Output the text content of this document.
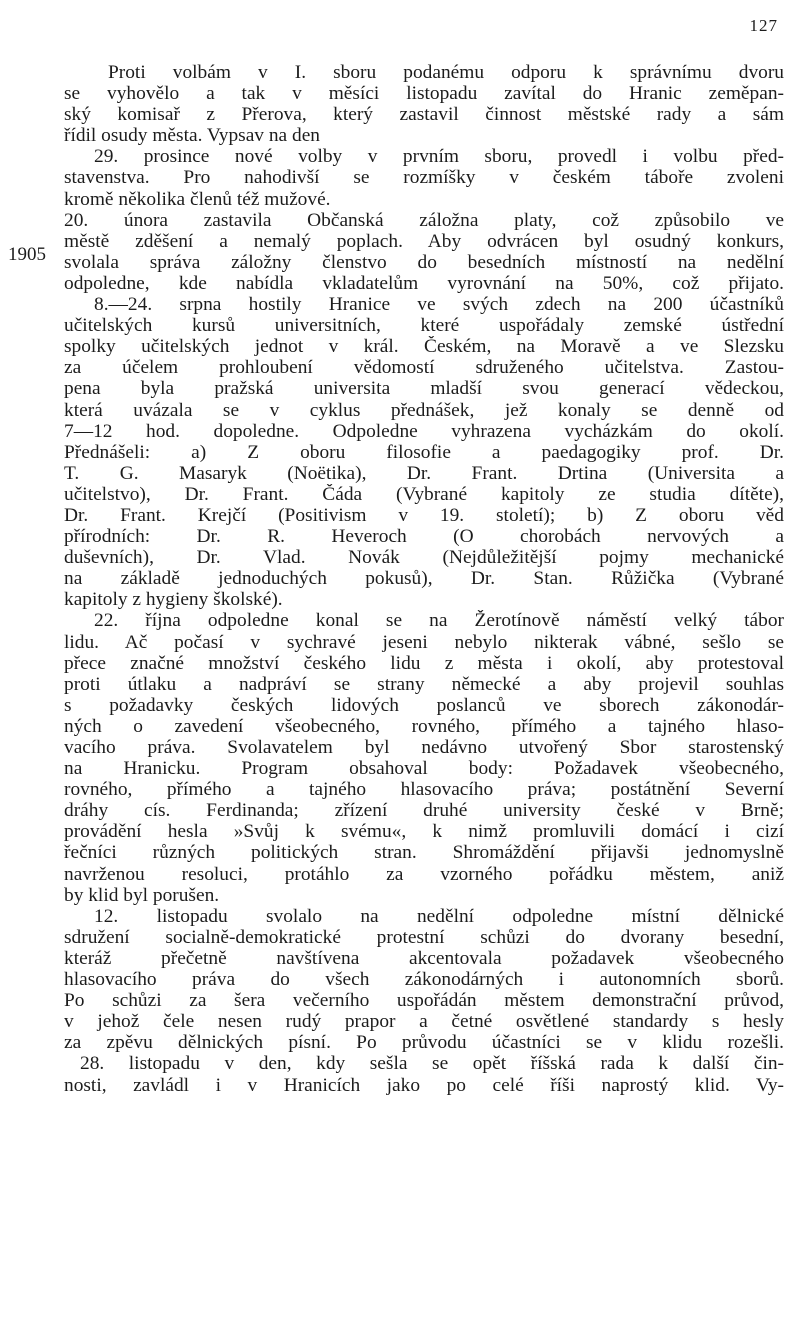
127
1905
Proti volbám v I. sboru podanému odporu k správnímu dvoru
se vyhovělo a tak v měsíci listopadu zavítal do Hranic zeměpan-
ský komisař z Přerova, který zastavil činnost městské rady a sám
řídil osudy města. Vypsav na den
29. prosince nové volby v prvním sboru, provedl i volbu před-
stavenstva. Pro nahodivší se rozmíšky v českém táboře zvoleni
kromě několika členů též mužové.
20. února zastavila Občanská záložna platy, což způsobilo ve
městě zděšení a nemalý poplach. Aby odvrácen byl osudný konkurs,
svolala správa záložny členstvo do besedních místností na nedělní
odpoledne, kde nabídla vkladatelům vyrovnání na 50%, což přijato.
8.—24. srpna hostily Hranice ve svých zdech na 200 účastníků
učitelských kursů universitních, které uspořádaly zemské ústřední
spolky učitelských jednot v král. Českém, na Moravě a ve Slezsku
za účelem prohloubení vědomostí sdruženého učitelstva. Zastou-
pena byla pražská universita mladší svou generací vědeckou,
která uvázala se v cyklus přednášek, jež konaly se denně od
7—12 hod. dopoledne. Odpoledne vyhrazena vycházkám do okolí.
Přednášeli: a) Z oboru filosofie a paedagogiky prof. Dr.
T. G. Masaryk (Noëtika), Dr. Frant. Drtina (Universita a
učitelstvo), Dr. Frant. Čáda (Vybrané kapitoly ze studia dítěte),
Dr. Frant. Krejčí (Positivism v 19. století); b) Z oboru věd
přírodních: Dr. R. Heveroch (O chorobách nervových a
duševních), Dr. Vlad. Novák (Nejdůležitější pojmy mechanické
na základě jednoduchých pokusů), Dr. Stan. Růžička (Vybrané
kapitoly z hygieny školské).
22. října odpoledne konal se na Žerotínově náměstí velký tábor
lidu. Ač počasí v sychravé jeseni nebylo nikterak vábné, sešlo se
přece značné množství českého lidu z města i okolí, aby protestoval
proti útlaku a nadpráví se strany německé a aby projevil souhlas
s požadavky českých lidových poslanců ve sborech zákonodár-
ných o zavedení všeobecného, rovného, přímého a tajného hlaso-
vacího práva. Svolavatelem byl nedávno utvořený Sbor starostenský
na Hranicku. Program obsahoval body: Požadavek všeobecného,
rovného, přímého a tajného hlasovacího práva; postátnění Severní
dráhy cís. Ferdinanda; zřízení druhé university české v Brně;
provádění hesla »Svůj k svému«, k nimž promluvili domácí i cizí
řečníci různých politických stran. Shromáždění přijavši jednomyslně
navrženou resoluci, protáhlo za vzorného pořádku městem, aniž
by klid byl porušen.
12. listopadu svolalo na nedělní odpoledne místní dělnické
sdružení socialně-demokratické protestní schůzi do dvorany besední,
kteráž přečetně navštívena akcentovala požadavek všeobecného
hlasovacího práva do všech zákonodárných i autonomních sborů.
Po schůzi za šera večerního uspořádán městem demonstrační průvod,
v jehož čele nesen rudý prapor a četné osvětlené standardy s hesly
za zpěvu dělnických písní. Po průvodu účastníci se v klidu rozešli.
28. listopadu v den, kdy sešla se opět říšská rada k další čin-
nosti, zavládl i v Hranicích jako po celé říši naprostý klid. Vy-
